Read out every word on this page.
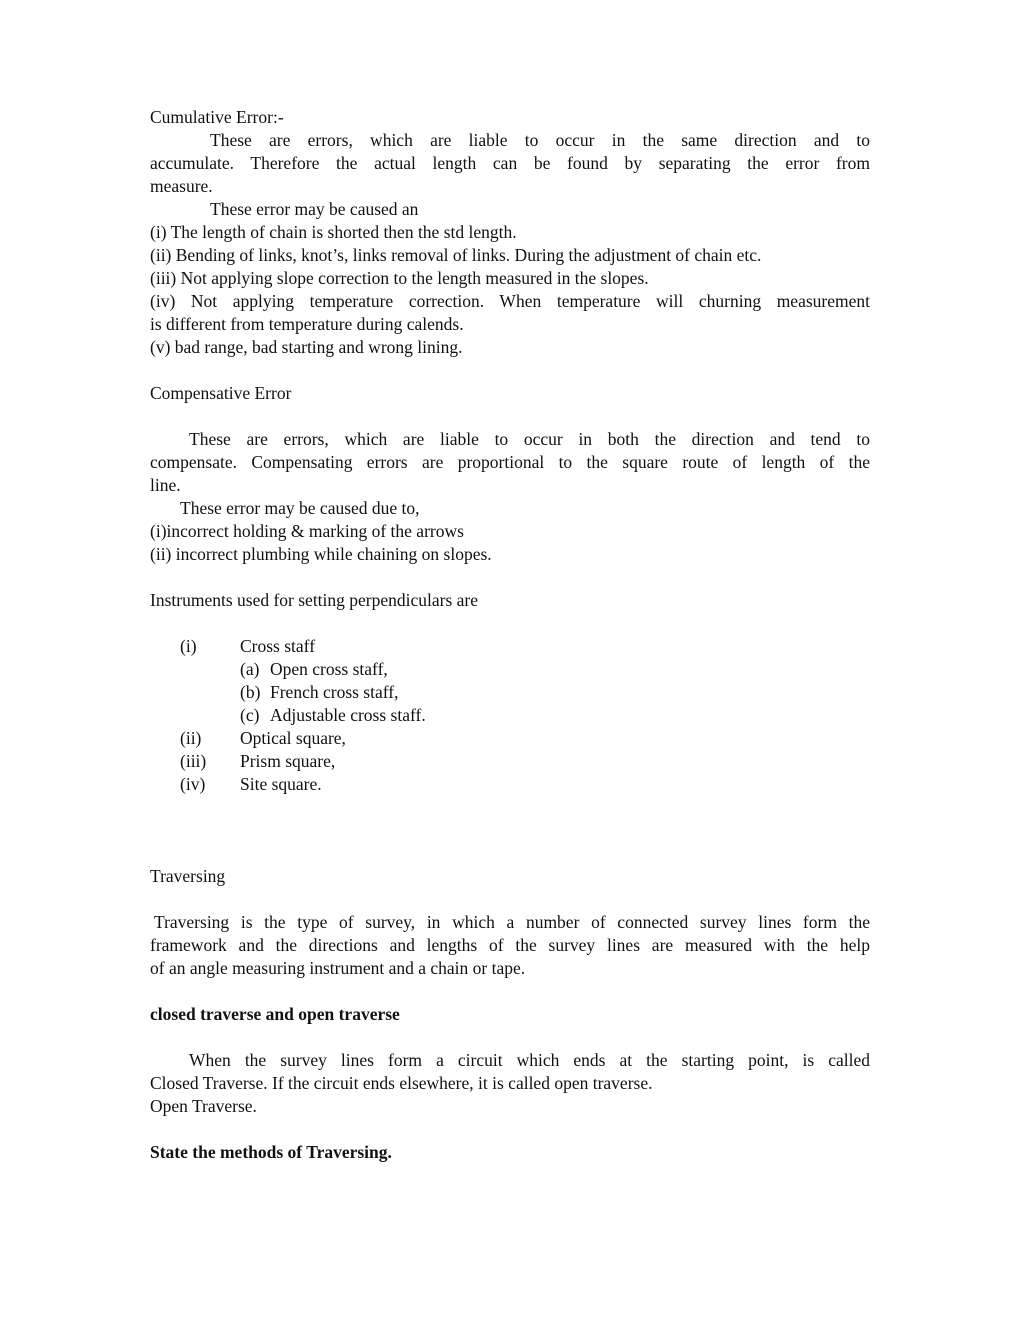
Cumulative Error:-
These are errors, which are liable to occur in the same direction and to
accumulate. Therefore the actual length can be found by separating the error from
measure.
These error may be caused an
(i) The length of chain is shorted then the std length.
(ii) Bending of links, knot’s, links removal of links. During the adjustment of chain etc.
(iii) Not applying slope correction to the length measured in the slopes.
(iv) Not applying temperature correction. When temperature will churning measurement
is different from temperature during calends.
(v) bad range, bad starting and wrong lining.
Compensative Error
These are errors, which are liable to occur in both the direction and tend to
compensate. Compensating errors are proportional to the square route of length of the
line.
These error may be caused due to,
(i)incorrect holding & marking of the arrows
(ii) incorrect plumbing while chaining on slopes.
Instruments used for setting perpendiculars are
(i)	Cross staff
(a) Open cross staff,
(b) French cross staff,
(c) Adjustable cross staff.
(ii)	Optical square,
(iii)	Prism square,
(iv)	Site square.
Traversing
Traversing is the type of survey, in which a number of connected survey lines form the
framework and the directions and lengths of the survey lines are measured with the help
of an angle measuring instrument and a chain or tape.
closed traverse and open traverse
When the survey lines form a circuit which ends at the starting point, is called
Closed Traverse. If the circuit ends elsewhere, it is called open traverse.
Open Traverse.
State the methods of Traversing.
